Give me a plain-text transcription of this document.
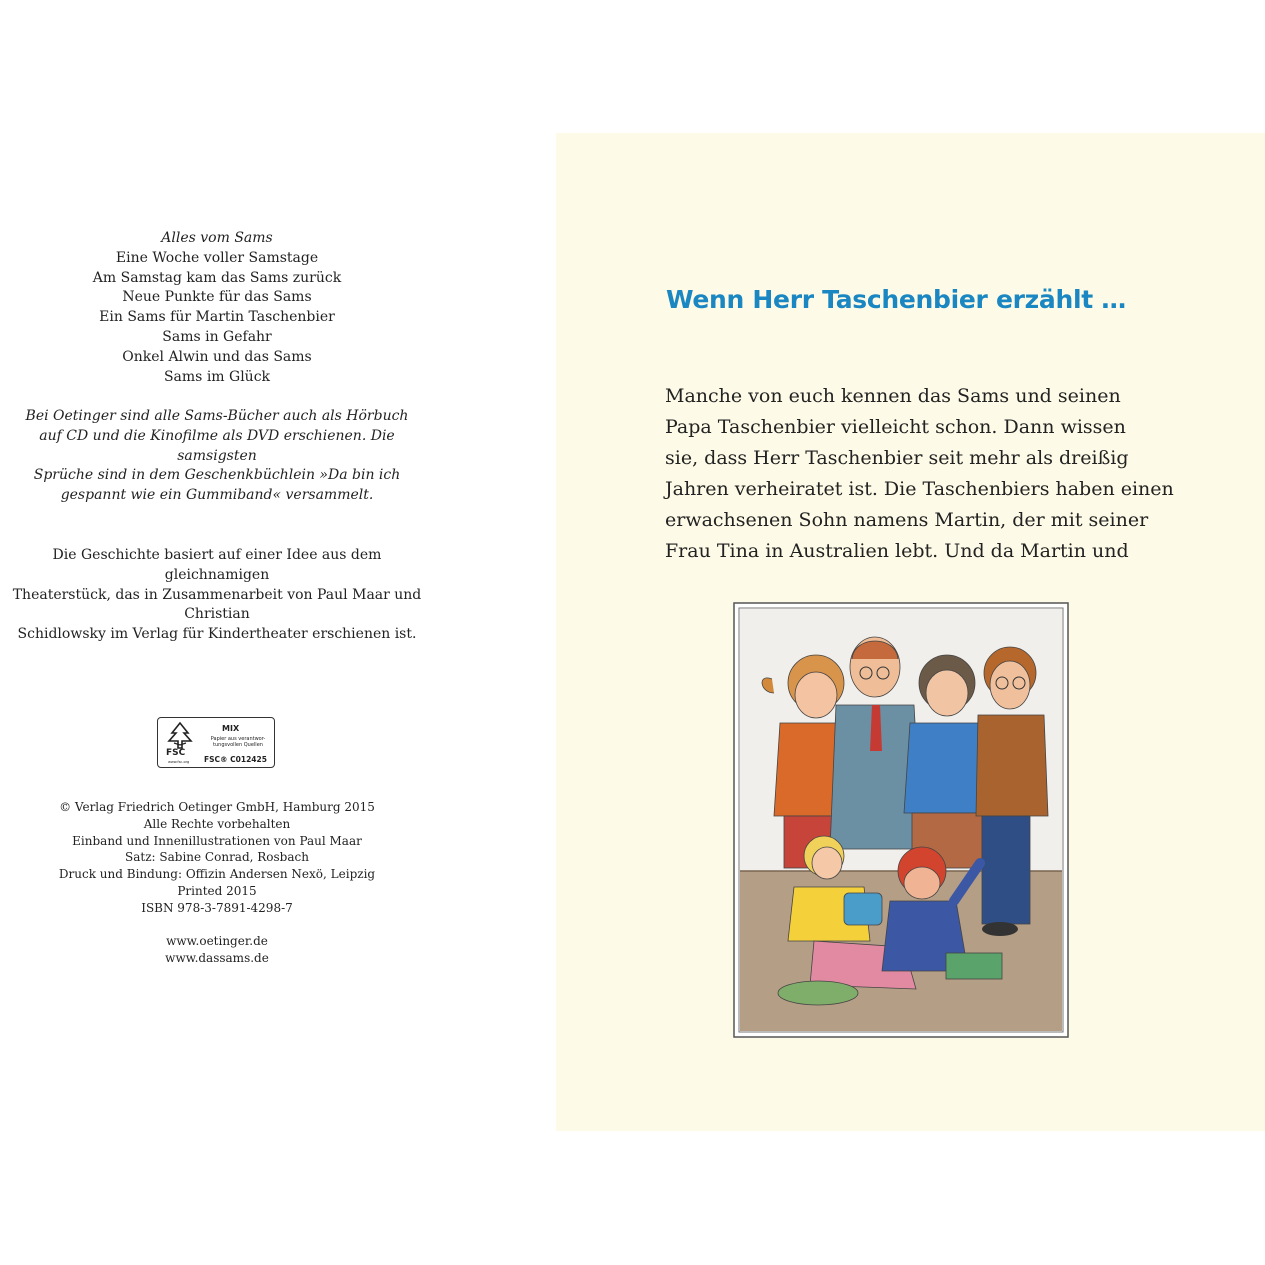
Alles vom Sams
Eine Woche voller Samstage
Am Samstag kam das Sams zurück
Neue Punkte für das Sams
Ein Sams für Martin Taschenbier
Sams in Gefahr
Onkel Alwin und das Sams
Sams im Glück
Bei Oetinger sind alle Sams-Bücher auch als Hörbuch
auf CD und die Kinofilme als DVD erschienen. Die samsigsten
Sprüche sind in dem Geschenkbüchlein »Da bin ich
gespannt wie ein Gummiband« versammelt.
Die Geschichte basiert auf einer Idee aus dem gleichnamigen
Theaterstück, das in Zusammenarbeit von Paul Maar und Christian
Schidlowsky im Verlag für Kindertheater erschienen ist.
FSC
www.fsc.org
MIX
Papier aus verantwor-
tungsvollen Quellen
FSC® C012425
© Verlag Friedrich Oetinger GmbH, Hamburg 2015
Alle Rechte vorbehalten
Einband und Innenillustrationen von Paul Maar
Satz: Sabine Conrad, Rosbach
Druck und Bindung: Offizin Andersen Nexö, Leipzig
Printed 2015
ISBN 978-3-7891-4298-7
www.oetinger.de
www.dassams.de
Wenn Herr Taschenbier erzählt …
Manche von euch kennen das Sams und seinen
Papa Taschenbier vielleicht schon. Dann wissen
sie, dass Herr Taschenbier seit mehr als dreißig
Jahren verheiratet ist. Die Taschenbiers haben einen
erwachsenen Sohn namens Martin, der mit seiner
Frau Tina in Australien lebt. Und da Martin und
